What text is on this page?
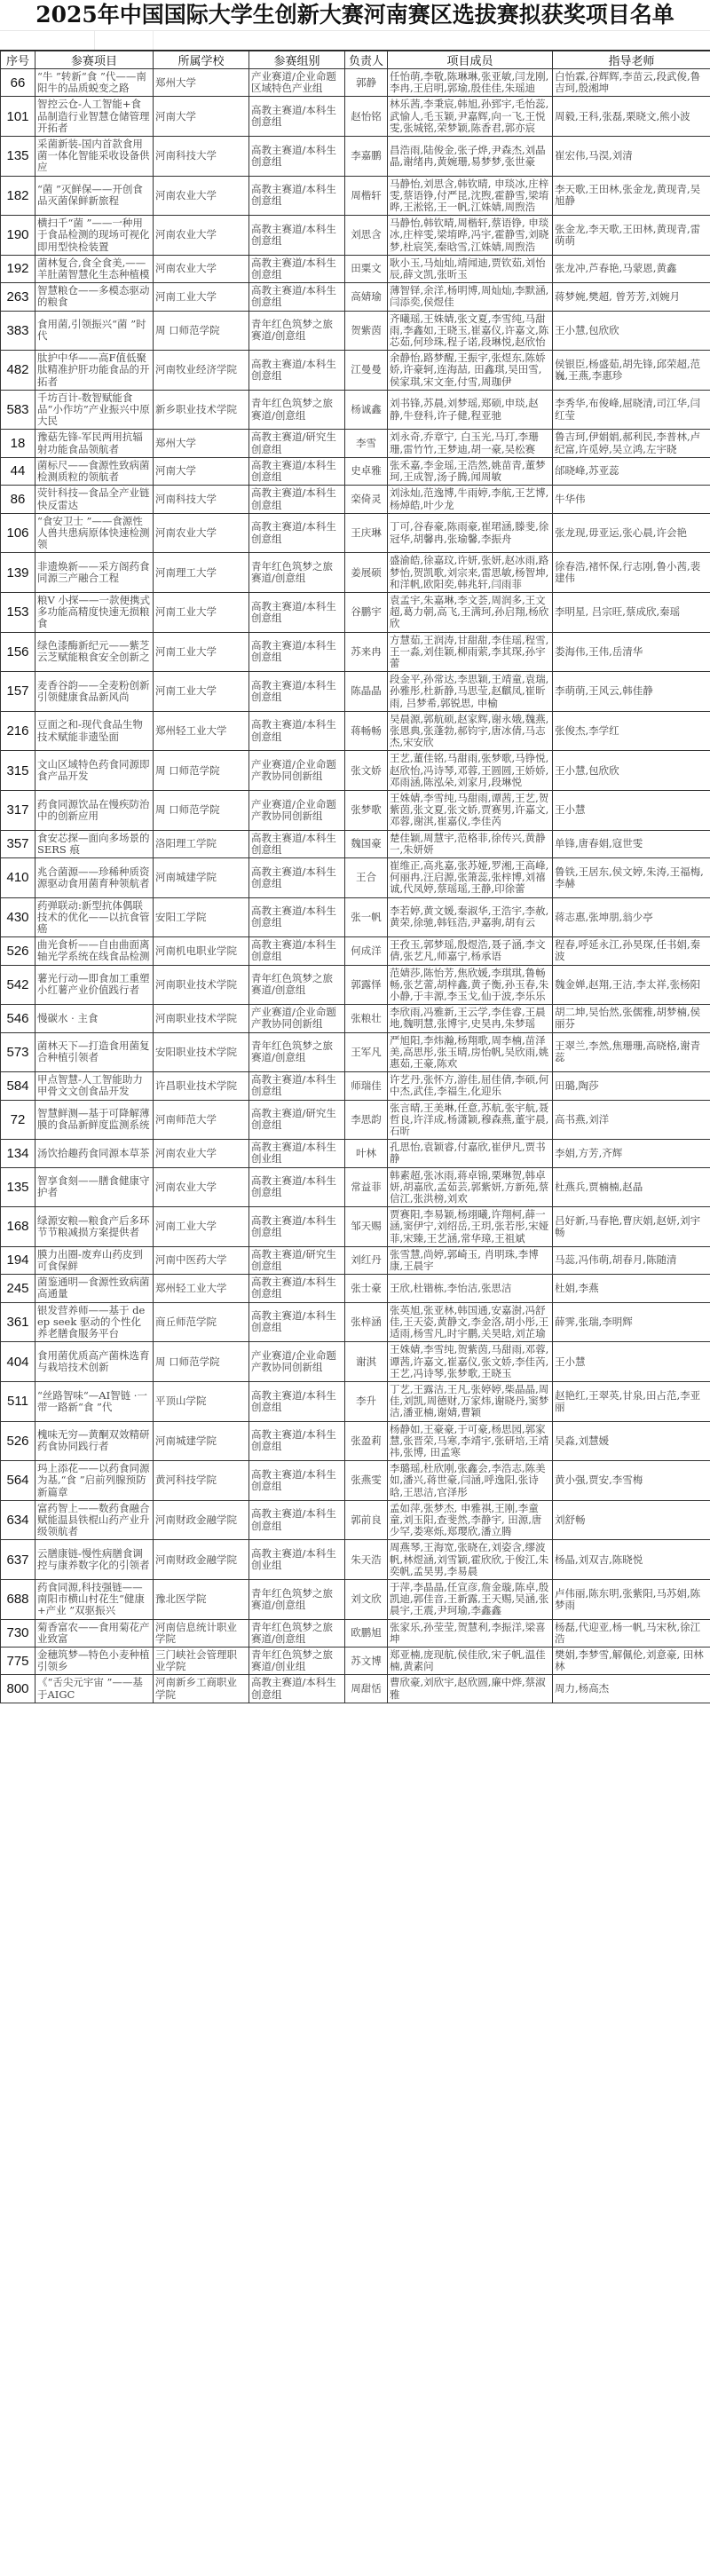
2025年中国国际大学生创新大赛河南赛区选拔赛拟获奖项目名单
序号	参赛项目	所属学校	参赛组别	负责人	项目成员	指导老师
66	“牛 ”转新“食 ”代——南阳牛的品质蜕变之路	郑州大学	产业赛道/企业命题区域特色产业组	郭静	任怡萌,李敬,陈琳琳,张亚敏,闫龙刚,李冉,王启明,郭瑜,殷佳佳,朱瑶迪	白怡霖,谷辉辉,李苗云,段武俊,鲁吉珂,殷湘坤
101	智控云仓-人工智能+食品制造行业智慧仓储管理开拓者	河南大学	高教主赛道/本科生创意组	赵怡铭	林乐茜,李秉宸,韩旭,孙郅宇,毛怡蕊,武愉人,毛玉颖,尹嘉辉,向一飞,王悦雯,张城铭,荣梦颖,陈香君,郭亦宸	周毅,王科,张磊,栗晓文,熊小波
135	采菌新装-国内首款食用菌一体化智能采收设备供应	河南科技大学	高教主赛道/本科生创意组	李嘉鹏	昌浩雨,陆俊金,张子烨,尹森杰,刘晶晶,谢绪冉,黄婉珊,易梦梦,张世豪	崔宏伟,马淏,刘清
182	“菌 ”灭鲜保——开创食品灭菌保鲜新旅程	河南农业大学	高教主赛道/本科生创意组	周楷轩	马静怡,刘思含,韩钦晴, 申琰冰,庄梓雯,蔡语铮,付严昆,沈煦,霍静雪,梁堉晔,王淞铭,王一帆,江姝婧,周煦浩	李天歌,王田林,张金龙,黄现青,吴旭静
190	横扫千“菌 ”——一种用于食品检测的现场可视化即用型快检装置	河南农业大学	高教主赛道/本科生创意组	刘思含	马静怡,韩钦晴,周楷轩,蔡语铮, 申琰冰,庄梓雯,梁堉晔,冯宇,霍静雪,刘晓梦,杜宸笑,秦晗雪,江姝婧,周煦浩	张金龙,李天歌,王田林,黄现青,雷萌萌
192	菌林复合,食全食美,——羊肚菌智慧化生态种植模	河南农业大学	高教主赛道/本科生创意组	田粟文	耿小玉,马灿灿,靖闻迪,贾钦茹,刘怡辰,薛文凯,张昕玉	张龙冲,芦春艳,马蒙恩,黄鑫
263	智慧粮仓——多模态驱动的粮食	河南工业大学	高教主赛道/本科生创意组	高婧瑜	薄智铎,余洋,杨明博,周灿灿,李默涵,闫添奕,侯煜佳	蒋梦婉,樊超, 曾芳芳,刘婉月
383	食用菌,引领振兴“菌 ”时代	周 口师范学院	青年红色筑梦之旅赛道/创意组	贺紫茵	齐曦瑶,王姝婧,张文夏,李雪纯,马甜雨,李鑫如,王晓玉,崔嘉仪,许嘉文,陈芯茹,何珍珠,程子诺,段琳悦,赵欣怡	王小慧,包欣欣
482	肽护中华——高F值低聚肽精准护肝功能食品的开拓者	河南牧业经济学院	高教主赛道/本科生创意组	江曼曼	余静怡,路梦醒,王振宇,张煜东,陈娇娇,许豪轲,连海喆, 田鑫琪,吴田雪,侯家琪,宋文奎,付雪,周珈伊	侯银臣,杨盛茹,胡先锋,邱荣超,范巍,王燕,李惠珍
583	千坊百计-数智赋能食品“小作坊”产业振兴中原大民	新乡职业技术学院	青年红色筑梦之旅赛道/创意组	杨诚鑫	刘书锋,苏晨,刘梦瑶,郑硕,申琰,赵静,牛登科,许子健,程亚驰	李秀华,布俊峰,屈晓清,司江华,闫红莹
18	豫菇先锋-军民两用抗辐射功能食品领航者	郑州大学	高教主赛道/研究生创意组	李雪	刘永奇,乔章宁, 白玉光,马玎,李珊珊,雷竹竹,王梦迪,胡一豪,吴松赛	鲁吉珂,伊娟娟,郝利民,李普林,卢纪富,许觅婷,吴立鸿,左宇晓
44	菌标尺——食源性致病菌检测质粒的领航者	河南大学	高教主赛道/本科生创意组	史卓雅	张禾嘉,李金瑶,王浩然,姚苗青,董梦珂,王成智,汤子腾,闻周敏	邰晓峰,苏亚蕊
86	荧针科技—食品全产业链快反雷达	河南科技大学	高教主赛道/本科生创意组	栾倚灵	刘泳灿,范逸博,牛雨婷,李航,王艺博,杨焯皓,叶少龙	牛华伟
106	“食安卫士 ”——食源性人兽共患病原体快速检测领	河南农业大学	高教主赛道/本科生创意组	王庆琳	丁可,谷春豪,陈雨豪,崔珺涵,滕斐,徐冠华,胡馨冉,张瑜馨,李振舟	张龙现,毋亚运,张心晨,许会艳
139	非遗焕新——采方阁药食同源三产融合工程	河南理工大学	青年红色筑梦之旅赛道/创意组	姜展硕	盛渝皓,徐嘉玟,许妍,张妍,赵冰雨,路梦怡,贺凯歌,刘宗来,雷思敏,杨智坤,和洋帆,欧阳奕,韩兆轩,闫雨菲	徐春浩,褚怀保,行志刚,鲁小茜,裴建伟
153	粮V 小探——一款便携式多功能高精度快速无损粮食	河南工业大学	高教主赛道/本科生创意组	谷鹏宇	袁孟宇,朱嘉琳,李文荟,周润多,王文超,葛力朝,高飞,王满珂,孙启翔,杨欣欣	李明星, 吕宗旺,蔡成欣,秦瑶
156	绿色漆酶新纪元——紫芝云芝赋能粮食安全创新之	河南工业大学	高教主赛道/本科生创意组	苏来冉	方慧茹,王润涛,甘甜甜,李佳瑶,程雪,王一淼,刘佳颖,柳雨萦,李其琛,孙宇蕾	娄海伟,王伟,岳清华
157	麦香谷韵——全麦粉创新引领健康食品新风尚	河南工业大学	高教主赛道/本科生创意组	陈晶晶	段金平,孙常达,李思颖,王靖童,袁瑞,孙雅彤,杜新静,马思莹,赵麒凤,崔昕雨, 吕梦希,郭锐思, 申榆	李萌萌,王风云,韩佳静
216	豆面之和-现代食品生物技术赋能非遗坠面	郑州轻工业大学	高教主赛道/本科生创意组	蒋畅畅	吴晨源,郭航硕,赵家辉,谢永娥,魏燕,张恩典,张蓬勃,郝钧宇,唐冰倩,马志杰,宋安欣	张俊杰,李学红
315	文山区域特色药食同源即食产品开发	周 口师范学院	产业赛道/企业命题产教协同创新组	张文娇	王艺,董佳铭,马甜雨,张梦歌,马铮悦,赵欣怡,冯诗琴,邓蓉,王圆圆,王娇娇,邓雨涵,陈泓朵,刘家月,段琳悦	王小慧,包欣欣
317	药食同源饮品在慢疾防治中的创新应用	周 口师范学院	产业赛道/企业命题产教协同创新组	张梦歌	王姝婧,李雪纯,马甜雨,谭茜,王艺,贺紫茵,张文夏,张文娇,贾赛男,许嘉文,邓蓉,谢淇,崔嘉仪,李佳芮	王小慧
357	食安芯探—面向多场景的 SERS 痕	洛阳理工学院	高教主赛道/本科生创意组	魏国豪	楚佳颖,周慧宇,范格菲,徐传兴,黄静一,朱妍妍	单锋,唐春娟,寇世雯
410	兆合菌源——珍稀种质资源驱动食用菌育种领航者	河南城建学院	高教主赛道/本科生创意组	王合	崔维正,高兆嘉,张苏娅,罗湘,王高峰,何丽冉,汪启源,张箫蕊,张梓博,刘禧诚,代凤婷,蔡瑶瑶,王静,印徐蕾	鲁铁,王居东,侯文婷,朱涛,王福梅,李赫
430	药弹联动:新型抗体偶联技术的优化——以抗食管癌	安阳工学院	高教主赛道/本科生创意组	张一帆	李若婷,黄文媛,秦淑华,王浩宇,李赦,黄荣,徐驰,韩钰浩,尹嘉驹,胡有云	蒋志惠,张坤朋,翁少亭
526	曲光食析——自由曲面离轴光学系统在线食品检测	河南机电职业学院	高教主赛道/本科生创意组	何成洋	王孜玉,郭梦瑶,殷煜浩,聂子涵,李文倩,张艺凡,师嘉宁,杨承语	程春,呼延永江,孙昊琛,任书娟,秦波
542	薯光行动—即食加工重塑小红薯产业价值践行者	河南职业技术学院	青年红色筑梦之旅赛道/创意组	郭露怿	范婧莎,陈怡芳,焦欣媛,李琪琪,鲁畅畅,张艺蕾,胡梓鑫,黄子衡,孙玉春,朱小静,于丰源,李玉戈,仙于波,李乐乐	魏金婵,赵翔,王洁,李太祥,张杨阳
546	慢碳水 · 主食	河南职业技术学院	产业赛道/企业命题产教协同创新组	张粮壮	李欣雨,冯雅新,王云学,李佳睿,王晨地,魏明慧,张博宇,史昊冉,朱梦瑶	胡二坤,吴怡然,张儒雅,胡梦楠,侯丽芬
573	菌林天下—打造食用菌复合种植引领者	安阳职业技术学院	青年红色筑梦之旅赛道/创意组	王军凡	严旭阳,李炜瀚,杨翔歌,周李楠,苗泽美,高思彤,张玉晴,房怡帆,吴欣雨,姚惠茹,王豪,陈欢	王翠兰,李然,焦珊珊,高晓格,谢青蕊
584	甲点智慧-人工智能助力甲骨文文创食品开发	许昌职业技术学院	高教主赛道/本科生创意组	师瑞佳	许艺丹,张怀方,游佳,屈佳倩,李硕,何中杰,武佳,李福生,化迎乐	田璐,陶莎
72	智慧鲜测—基于可降解薄膜的食品新鲜度监测系统	河南师范大学	高教主赛道/研究生创意组	李思韵	张言晴,王美琳,任意,苏航,张宇航,聂哲良,许洋成,杨潇颖,穆森燕,董宇晨,石昕	高书燕,刘洋
134	汤饮拾趣药食同源本草茶	河南农业大学	高教主赛道/本科生创业组	叶林	孔思怡,袁颖睿,付嘉欣,崔伊凡,贾书静	李娟,方芳,齐辉
135	智享食刻——膳食健康守护者	河南农业大学	高教主赛道/本科生创意组	常益菲	韩素超,张冰雨,蒋卓锦,栗琳贺,韩卓妍,胡嘉欣,孟茹芸,郭紫妍,方新苑,蔡信江,张洪榜,刘欢	杜燕兵,贾楠楠,赵晶
168	绿源安粮—粮食产后多环节节粮减损方案提供者	河南工业大学	高教主赛道/本科生创意组	邹天赐	贾赛阳,李易颖,杨翊曦,许翔柯,薛一涵,窦伊宁,刘绍岳,王玥,张若彤,宋娅菲,宋臻,王艺涵,常华璋,王祖斌	吕好新,马春艳,曹庆娟,赵妍,刘宇畅
194	膜力出圈-废弃山药皮到可食保鲜	河南中医药大学	高教主赛道/研究生创意组	刘红丹	张雪慧,尚婷,郭崎玉, 肖明珠,李博康,王晨宇	马蕊,冯伟萌,胡春月,陈随清
245	菌鉴通明—食源性致病菌高通量	郑州轻工业大学	高教主赛道/本科生创意组	张士豪	王欣,杜锴栋,李怡洁,张思洁	杜娟,李燕
361	银发营养师——基于 deep seek 驱动的个性化养老膳食服务平台	商丘师范学院	高教主赛道/本科生创意组	张梓涵	张英旭,张亚林,韩国通,安嘉澍,冯舒佳,王天姿,黄静文,李金洛,胡小彤,王适雨,杨雪凡,时宇鹏,关昊晗,刘芷瑜	薛霁,张瑞,李明辉
404	食用菌优质高产菌株选育与栽培技术创新	周 口师范学院	产业赛道/企业命题产教协同创新组	谢淇	王姝婧,李雪纯,贺紫茵,马甜雨,邓蓉,谭茜,许嘉文,崔嘉仪,张文娇,李佳芮,王艺,冯诗琴,张梦歌,王晓玉	王小慧
511	“丝路智味“—AI智链 ·一带一路新“食 ”代	平顶山学院	高教主赛道/本科生创意组	李升	丁艺,王露洁,王凡,张婷婷,柴晶晶,周佳,刘凯,周德财,万家炜,谢晓丹,窦梦洁,潘亚楠,谢婧,曹颖	赵艳红,王翠英,甘泉,田占范,李亚丽
526	槐味无穷—黄酮双效精研药食协同践行者	河南城建学院	高教主赛道/本科生创意组	张盈莉	杨静如,王豪豪,于可豪,杨思园,郭家慧,张晋荣,马寒,李靖宇,张研培,王靖祎,张博, 田孟寒	吴淼,刘慧媛
564	玛上添花——以药食同源为基,“食 ”启前列腺预防新篇章	黄河科技学院	高教主赛道/本科生创意组	张燕雯	李璐瑶,杜欣刚,张鑫会,李浩志,陈美如,潘兴,蒋世豪,闫涵,呼逸阳,张诗晗,王思洁,官泽彤	黄小强,贾安,李雪梅
634	富药智上——数药食融合赋能温县铁棍山药产业升级领航者	河南财政金融学院	高教主赛道/本科生创意组	郭前良	孟如萍,张梦杰, 申雅祺,王刚,李童童,刘玉阳,查斐然,李静宇, 田源,唐少罕,娄寒烁,郑璎欣,潘立腾	刘舒畅
637	云膳康链-慢性病膳食调控与康养数字化的引领者	河南财政金融学院	高教主赛道/本科生创业组	朱天浩	周燕琴,王海宽,张晓在,刘姿含,缪波帆,林煜涵,刘雪颖,霍欣欣,于俊江,朱奕帆,孟昊男,李易晨	杨晶,刘双吉,陈晓悦
688	药食同源,科技强链——南阳市横山村花生“健康+产业 ”双驱振兴	豫北医学院	青年红色筑梦之旅赛道/创意组	刘文欣	于萍,李晶晶,任宣彦,詹金璇,陈卓,殷凯迪,郭佳音,王新露,王天赐,吴涵,张晨宇,王震,尹珂瑜,李鑫鑫	卢伟丽,陈东明,张紫阳,马苏娟,陈梦雨
730	菊香富农——食用菊花产业致富	河南信息统计职业学院	青年红色筑梦之旅赛道/创意组	欧鹏旭	张家乐,孙莹莹,贺慧利,李振洋,梁喜坤	杨磊,代迎亚,杨一帆,马宋秋,徐江浩
775	金穗筑梦—特色小麦种植引领乡	三门峡社会管理职业学院	青年红色筑梦之旅赛道/创业组	苏文博	郑亚楠,庞现航,侯佳欣,宋子帆,温佳楠,黄素问	樊娟,李梦雪,解佩伦,刘意豪, 田林林
800	《“舌尖元宇宙 ”——基于AIGC	河南新乡工商职业学院	高教主赛道/本科生创意组	周甜恬	曹欣豪,刘欣宇,赵欣圆,廉中烨,蔡淑雅	周力,杨高杰
